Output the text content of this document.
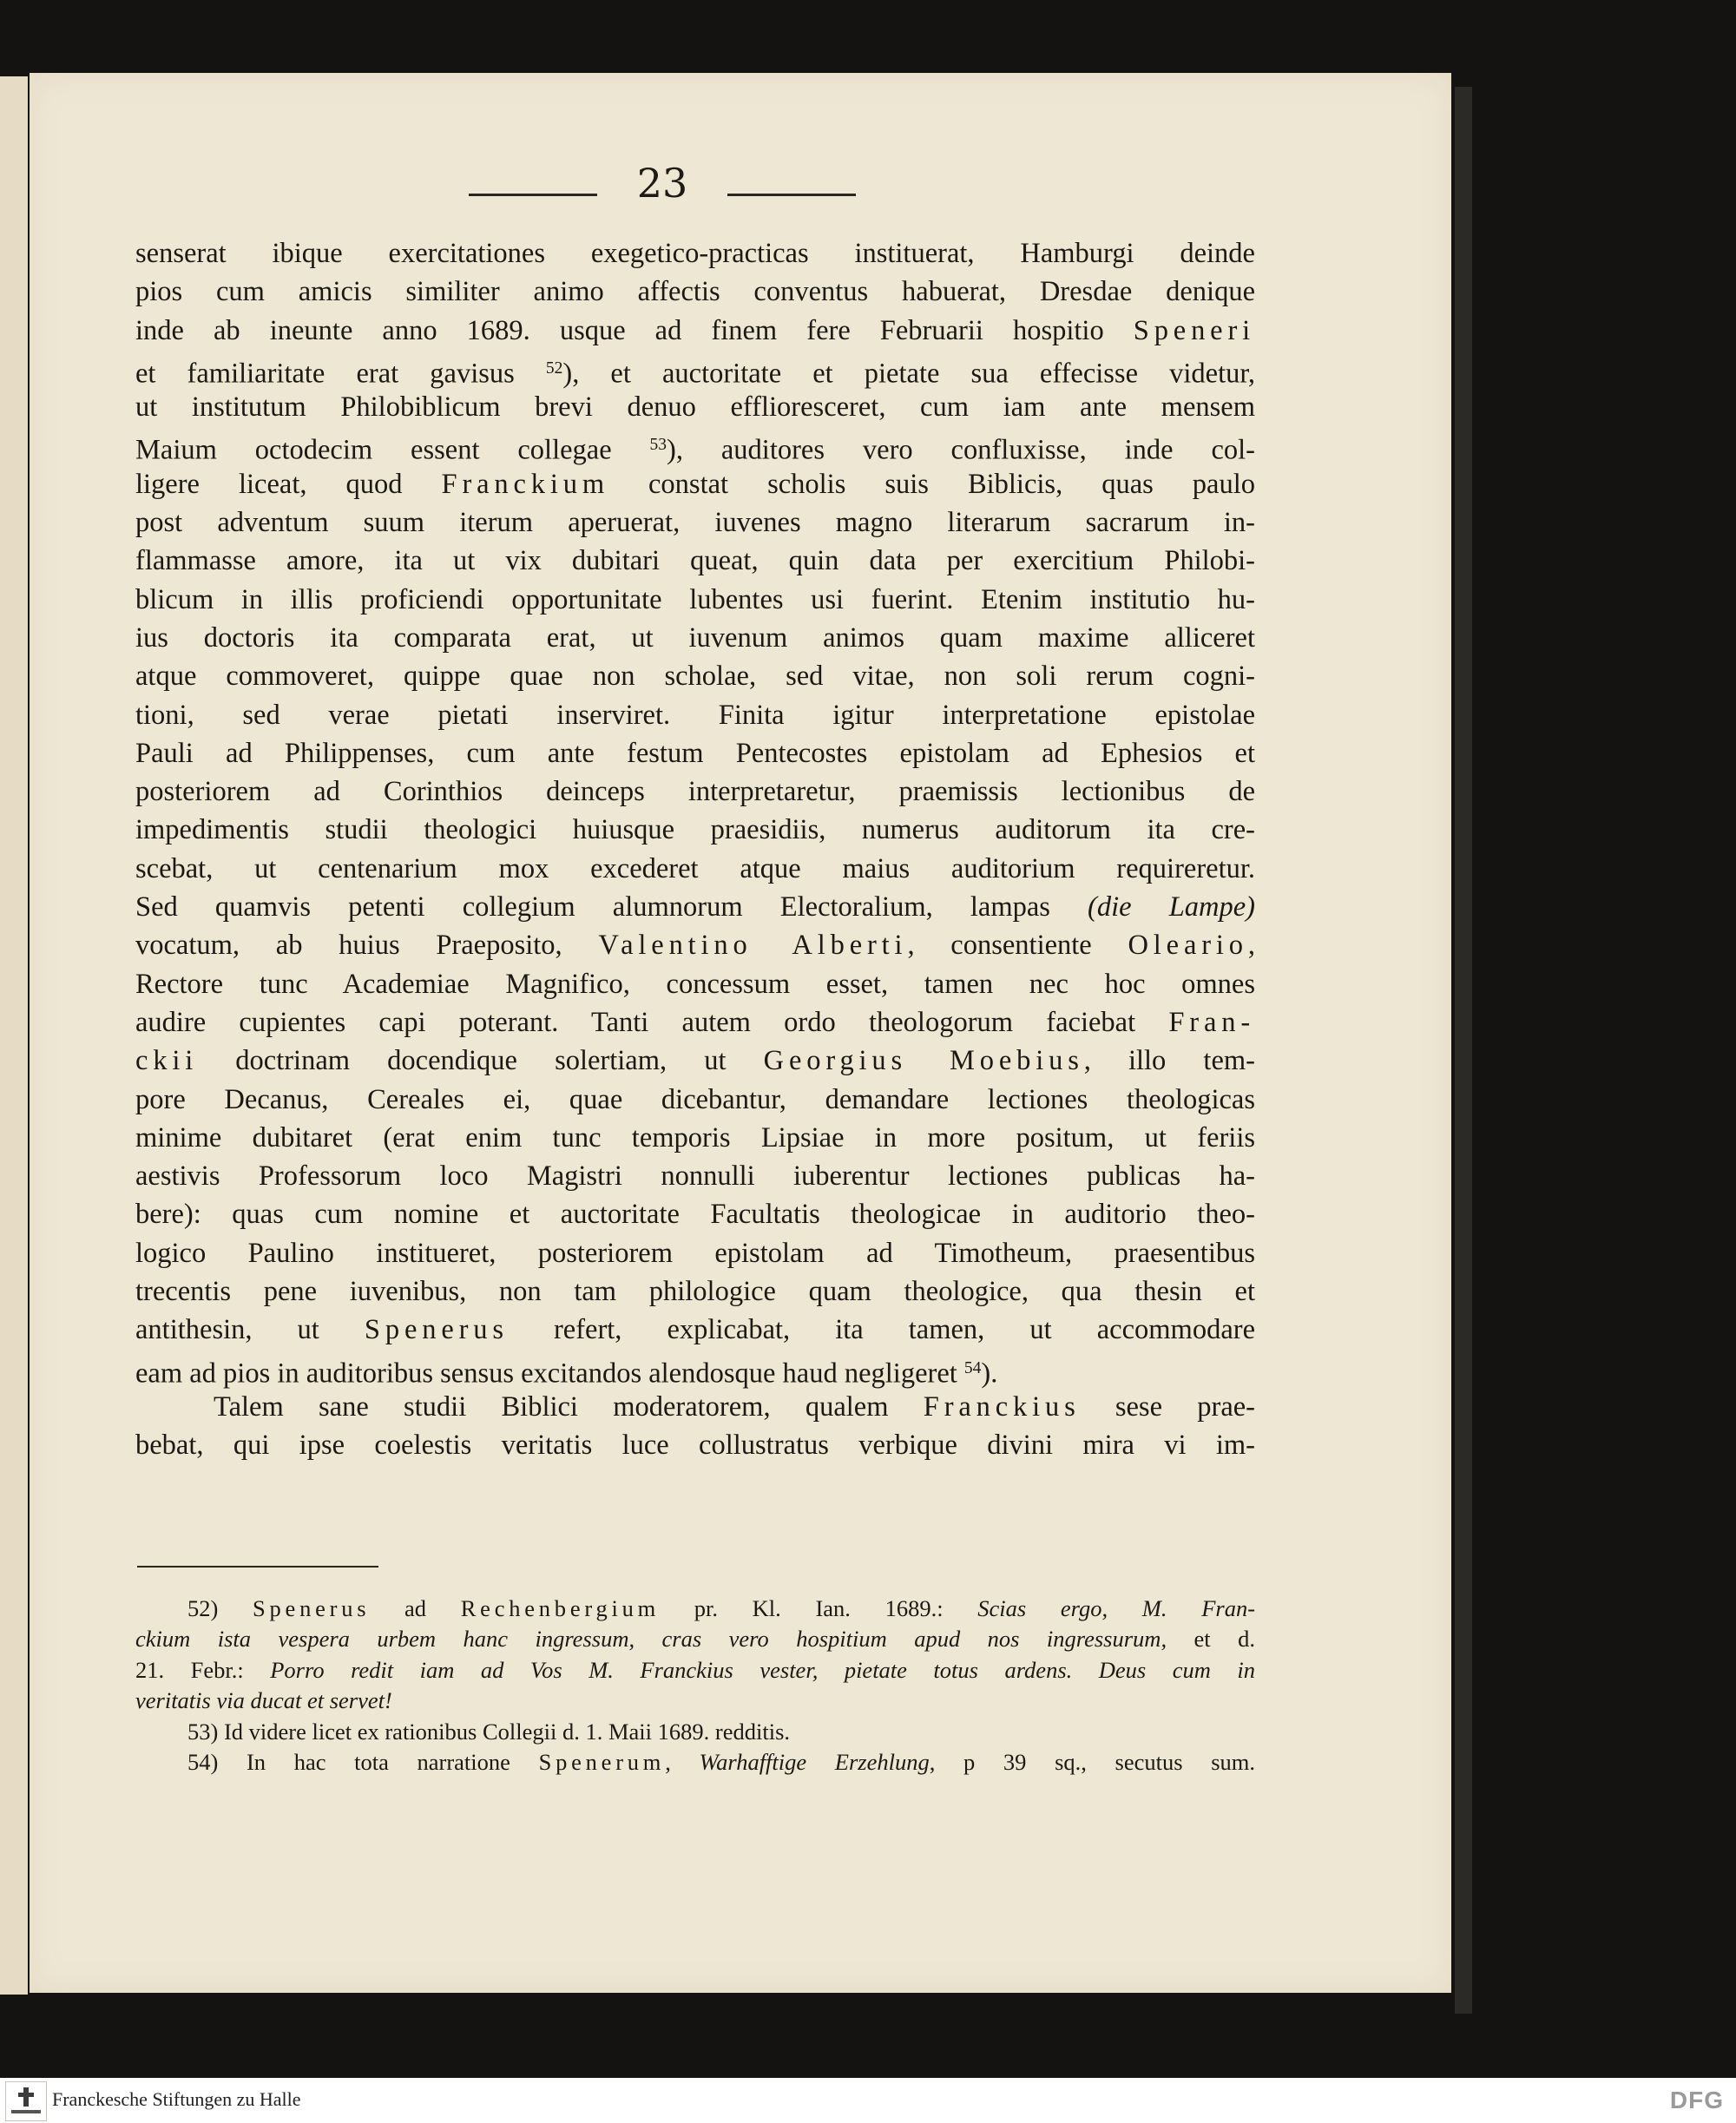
23
senserat ibique exercitationes exegetico-practicas instituerat, Hamburgi deinde
pios cum amicis similiter animo affectis conventus habuerat, Dresdae denique
inde ab ineunte anno 1689. usque ad finem fere Februarii hospitio Speneri
et familiaritate erat gavisus $^{52}$), et auctoritate et pietate sua effecisse videtur,
ut institutum Philobiblicum brevi denuo efflioresceret, cum iam ante mensem
Maium octodecim essent collegae $^{53}$), auditores vero confluxisse, inde col-
ligere liceat, quod Franckium constat scholis suis Biblicis, quas paulo
post adventum suum iterum aperuerat, iuvenes magno literarum sacrarum in-
flammasse amore, ita ut vix dubitari queat, quin data per exercitium Philobi-
blicum in illis proficiendi opportunitate lubentes usi fuerint. Etenim institutio hu-
ius doctoris ita comparata erat, ut iuvenum animos quam maxime alliceret
atque commoveret, quippe quae non scholae, sed vitae, non soli rerum cogni-
tioni, sed verae pietati inserviret. Finita igitur interpretatione epistolae
Pauli ad Philippenses, cum ante festum Pentecostes epistolam ad Ephesios et
posteriorem ad Corinthios deinceps interpretaretur, praemissis lectionibus de
impedimentis studii theologici huiusque praesidiis, numerus auditorum ita cre-
scebat, ut centenarium mox excederet atque maius auditorium requireretur.
Sed quamvis petenti collegium alumnorum Electoralium, lampas (die Lampe)
vocatum, ab huius Praeposito, Valentino Alberti, consentiente Oleario,
Rectore tunc Academiae Magnifico, concessum esset, tamen nec hoc omnes
audire cupientes capi poterant. Tanti autem ordo theologorum faciebat Fran-
ckii doctrinam docendique solertiam, ut Georgius Moebius, illo tem-
pore Decanus, Cereales ei, quae dicebantur, demandare lectiones theologicas
minime dubitaret (erat enim tunc temporis Lipsiae in more positum, ut feriis
aestivis Professorum loco Magistri nonnulli iuberentur lectiones publicas ha-
bere): quas cum nomine et auctoritate Facultatis theologicae in auditorio theo-
logico Paulino institueret, posteriorem epistolam ad Timotheum, praesentibus
trecentis pene iuvenibus, non tam philologice quam theologice, qua thesin et
antithesin, ut Spenerus refert, explicabat, ita tamen, ut accommodare
eam ad pios in auditoribus sensus excitandos alendosque haud negligeret $^{54}$).
Talem sane studii Biblici moderatorem, qualem Franckius sese prae-
bebat, qui ipse coelestis veritatis luce collustratus verbique divini mira vi im-
52) Spenerus ad Rechenbergium pr. Kl. Ian. 1689.: Scias ergo, M. Fran-
ckium ista vespera urbem hanc ingressum, cras vero hospitium apud nos ingressurum, et d.
21. Febr.: Porro redit iam ad Vos M. Franckius vester, pietate totus ardens. Deus cum in
veritatis via ducat et servet!
53) Id videre licet ex rationibus Collegii d. 1. Maii 1689. redditis.
54) In hac tota narratione Spenerum, Warhafftige Erzehlung, p 39 sq., secutus sum.
Franckesche Stiftungen zu Halle	DFG
